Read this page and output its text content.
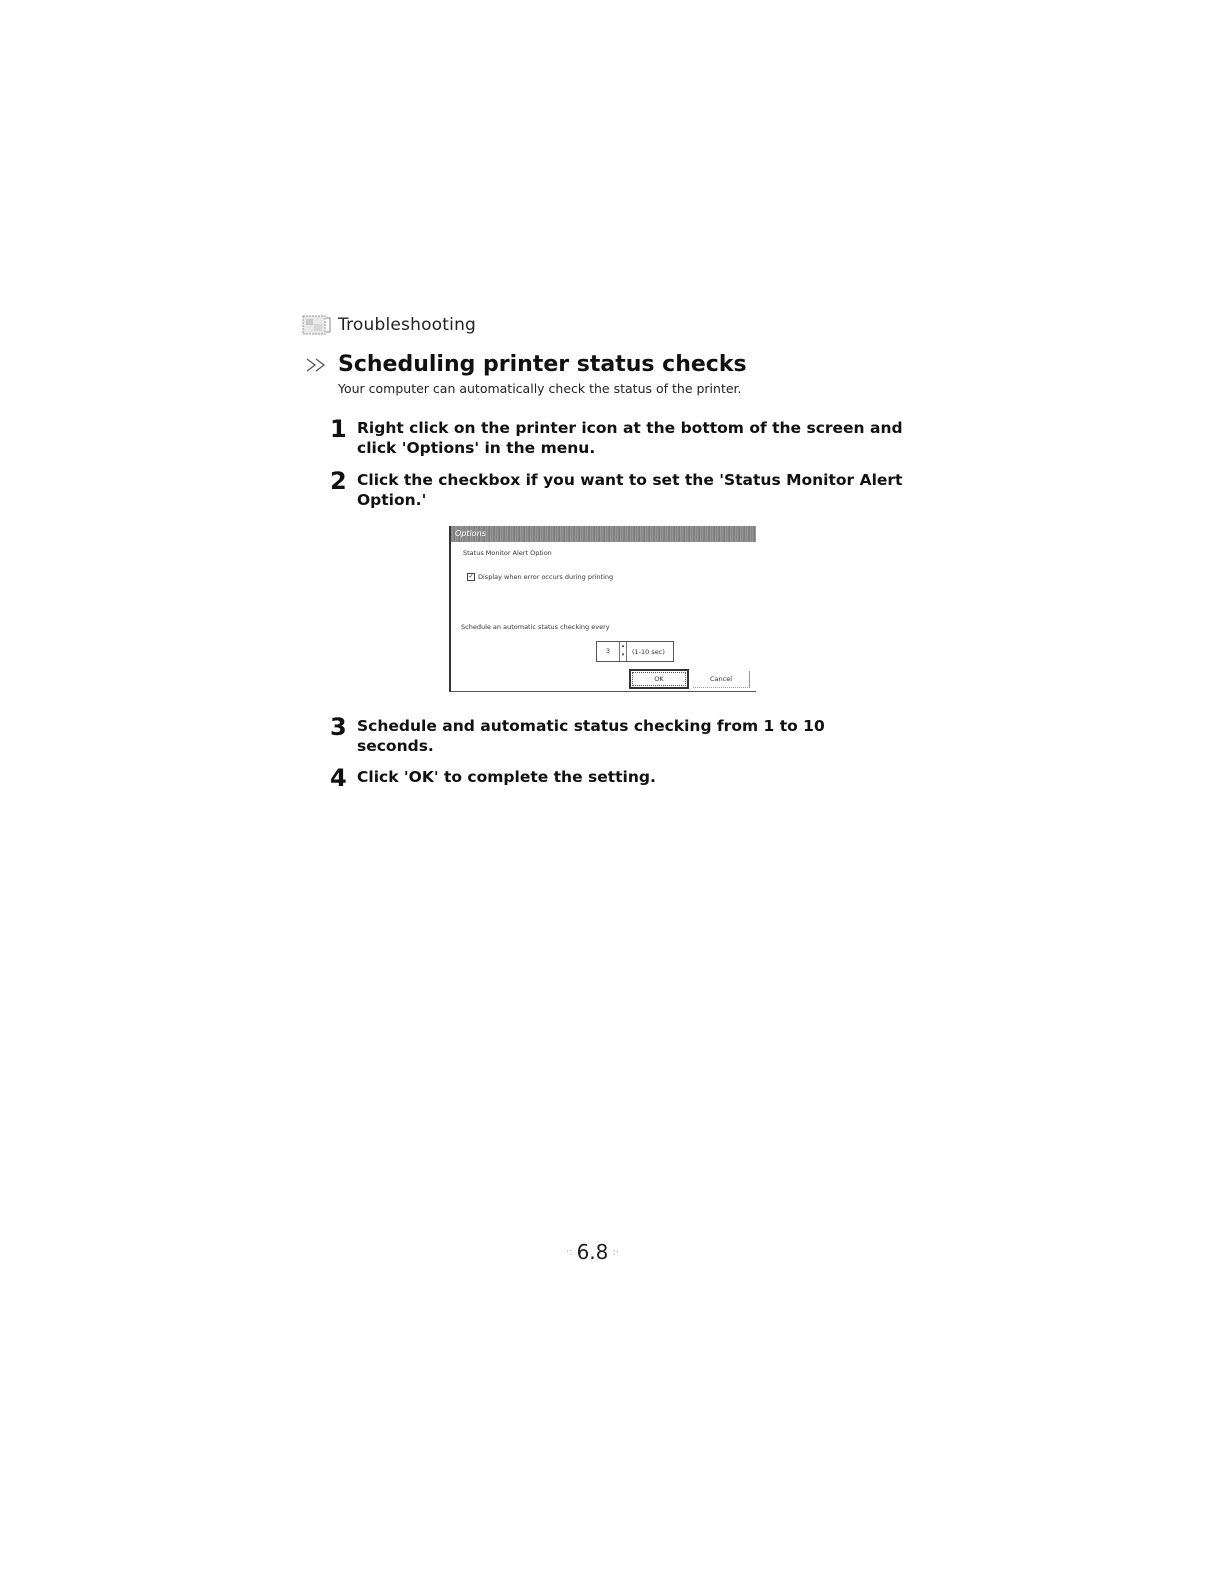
Troubleshooting
Scheduling printer status checks
Your computer can automatically check the status of the printer.
1 Right click on the printer icon at the bottom of the screen and click 'Options' in the menu.
2 Click the checkbox if you want to set the 'Status Monitor Alert Option.'
Options
Status Monitor Alert Option
✓ Display when error occurs during printing
Schedule an automatic status checking every
3
▴
▾	(1-10 sec)
OK	Cancel
3 Schedule and automatic status checking from 1 to 10 seconds.
4 Click 'OK' to complete the setting.
·: 6.8 :·
